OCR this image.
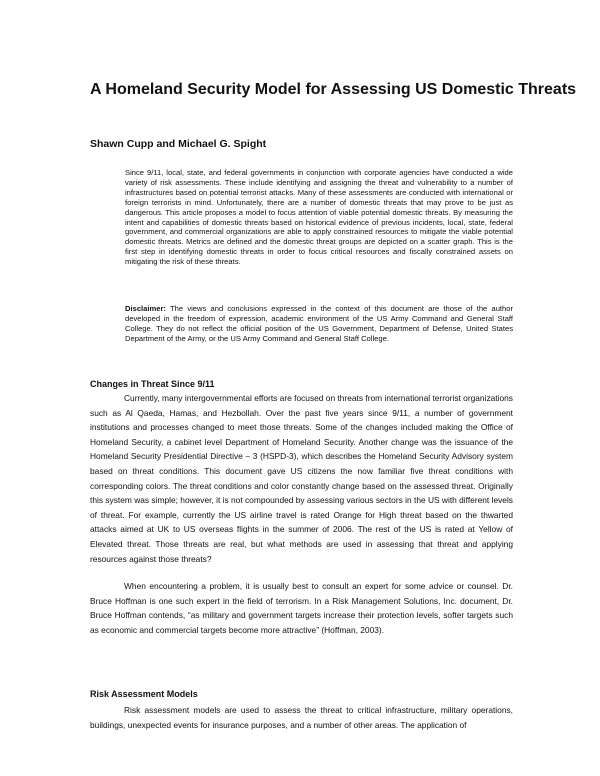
A Homeland Security Model for Assessing US Domestic Threats
Shawn Cupp and Michael G. Spight

Since 9/11, local, state, and federal governments in conjunction with corporate agencies have conducted a wide variety of risk assessments. These include identifying and assigning the threat and vulnerability to a number of infrastructures based on potential terrorist attacks. Many of these assessments are conducted with international or foreign terrorists in mind. Unfortunately, there are a number of domestic threats that may prove to be just as dangerous. This article proposes a model to focus attention of viable potential domestic threats. By measuring the intent and capabilities of domestic threats based on historical evidence of previous incidents, local, state, federal government, and commercial organizations are able to apply constrained resources to mitigate the viable potential domestic threats. Metrics are defined and the domestic threat groups are depicted on a scatter graph. This is the first step in identifying domestic threats in order to focus critical resources and fiscally constrained assets on mitigating the risk of these threats.

Disclaimer: The views and conclusions expressed in the context of this document are those of the author developed in the freedom of expression, academic environment of the US Army Command and General Staff College. They do not reflect the official position of the US Government, Department of Defense, United States Department of the Army, or the US Army Command and General Staff College.

Changes in Threat Since 9/11

Currently, many intergovernmental efforts are focused on threats from international terrorist organizations such as Al Qaeda, Hamas, and Hezbollah. Over the past five years since 9/11, a number of government institutions and processes changed to meet those threats. Some of the changes included making the Office of Homeland Security, a cabinet level Department of Homeland Security. Another change was the issuance of the Homeland Security Presidential Directive – 3 (HSPD-3), which describes the Homeland Security Advisory system based on threat conditions. This document gave US citizens the now familiar five threat conditions with corresponding colors. The threat conditions and color constantly change based on the assessed threat. Originally this system was simple; however, it is not compounded by assessing various sectors in the US with different levels of threat. For example, currently the US airline travel is rated Orange for High threat based on the thwarted attacks aimed at UK to US overseas flights in the summer of 2006. The rest of the US is rated at Yellow of Elevated threat. Those threats are real, but what methods are used in assessing that threat and applying resources against those threats?

When encountering a problem, it is usually best to consult an expert for some advice or counsel. Dr. Bruce Hoffman is one such expert in the field of terrorism. In a Risk Management Solutions, Inc. document, Dr. Bruce Hoffman contends, “as military and government targets increase their protection levels, softer targets such as economic and commercial targets become more attractive” (Hoffman, 2003).

Risk Assessment Models

Risk assessment models are used to assess the threat to critical infrastructure, military operations, buildings, unexpected events for insurance purposes, and a number of other areas. The application of
